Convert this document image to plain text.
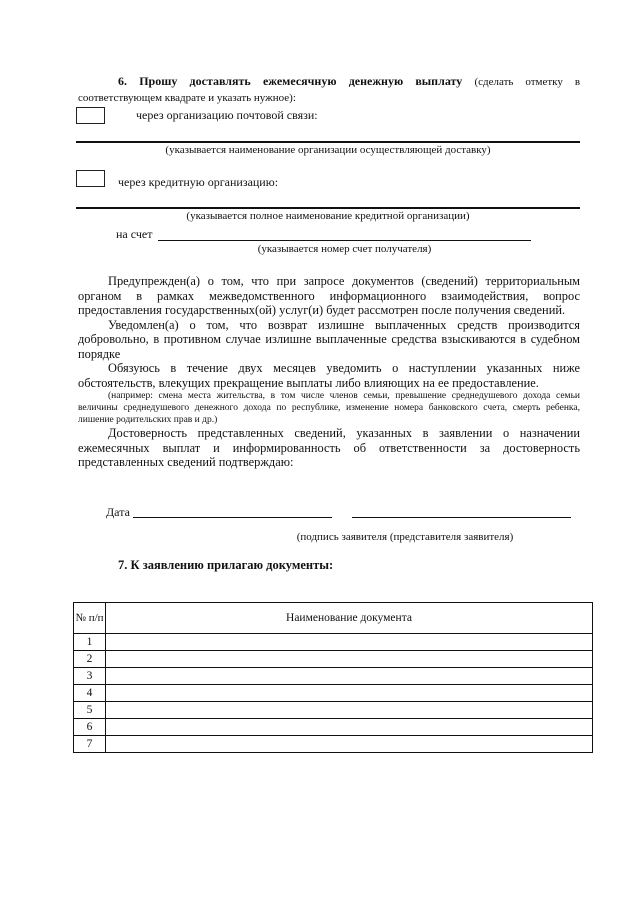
6. Прошу доставлять ежемесячную денежную выплату (сделать отметку в соответствующем квадрате и указать нужное):
через организацию почтовой связи:
(указывается наименование организации осуществляющей доставку)
через кредитную организацию:
(указывается полное наименование кредитной организации)
на счет
(указывается номер счет получателя)
Предупрежден(а) о том, что при запросе документов (сведений) территориальным органом в рамках межведомственного информационного взаимодействия, вопрос предоставления государственных(ой) услуг(и) будет рассмотрен после получения сведений.
Уведомлен(а) о том, что возврат излишне выплаченных средств производится добровольно, в противном случае излишне выплаченные средства взыскиваются в судебном порядке
Обязуюсь в течение двух месяцев уведомить о наступлении указанных ниже обстоятельств, влекущих прекращение выплаты либо влияющих на ее предоставление.
(например: смена места жительства, в том числе членов семьи, превышение среднедушевого дохода семьи величины среднедушевого денежного дохода по республике, изменение номера банковского счета, смерть ребенка, лишение родительских прав и др.)
Достоверность представленных сведений, указанных в заявлении о назначении ежемесячных выплат и информированность об ответственности за достоверность представленных сведений подтверждаю:
Дата
(подпись заявителя (представителя заявителя)
7. К заявлению прилагаю документы:
№ п/п	Наименование документа
1	
2	
3	
4	
5	
6	
7	
